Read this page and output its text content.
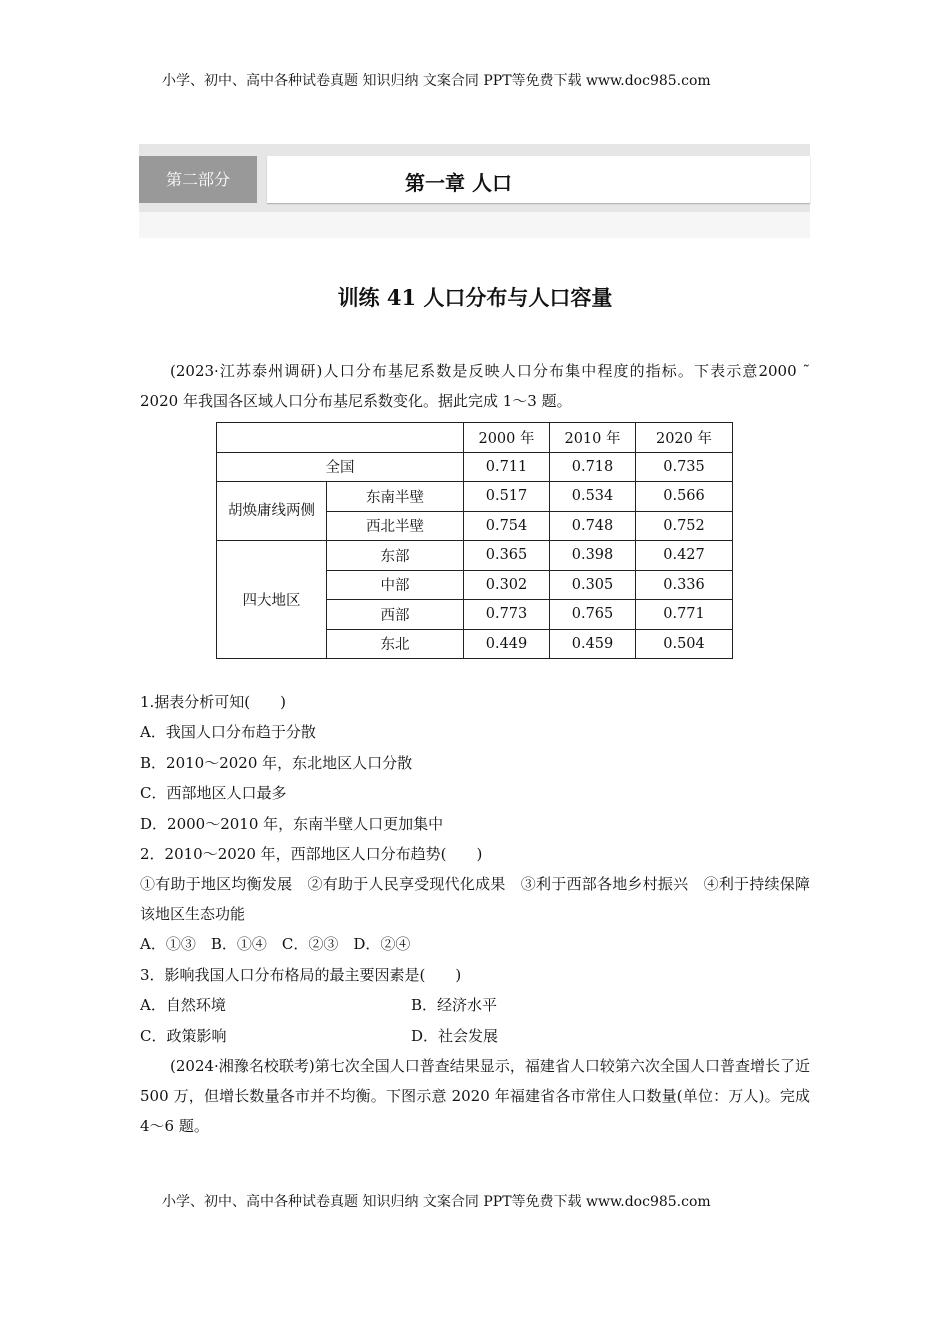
小学、初中、高中各种试卷真题 知识归纳 文案合同 PPT等免费下载 www.doc985.com
第二部分	第一章 人口
训练 41 人口分布与人口容量
(2023·江苏泰州调研)人口分布基尼系数是反映人口分布集中程度的指标。下表示意2000 ˜ 2020 年我国各区域人口分布基尼系数变化。据此完成 1～3 题。
		2000 年	2010 年	2020 年
全国		0.711	0.718	0.735
胡焕庸线两侧	东南半壁	0.517	0.534	0.566
	西北半壁	0.754	0.748	0.752
四大地区	东部	0.365	0.398	0.427
	中部	0.302	0.305	0.336
	西部	0.773	0.765	0.771
	东北	0.449	0.459	0.504
1.据表分析可知(　　)
A．我国人口分布趋于分散
B．2010～2020 年，东北地区人口分散
C．西部地区人口最多
D．2000～2010 年，东南半壁人口更加集中
2．2010～2020 年，西部地区人口分布趋势(　　)
①有助于地区均衡发展　②有助于人民享受现代化成果　③利于西部各地乡村振兴　④利于持续保障该地区生态功能
A．①③　B．①④　C．②③　D．②④
3．影响我国人口分布格局的最主要因素是(　　)
A．自然环境	B．经济水平
C．政策影响	D．社会发展
(2024·湘豫名校联考)第七次全国人口普查结果显示，福建省人口较第六次全国人口普查增长了近 500 万，但增长数量各市并不均衡。下图示意 2020 年福建省各市常住人口数量(单位：万人)。完成 4～6 题。
小学、初中、高中各种试卷真题 知识归纳 文案合同 PPT等免费下载 www.doc985.com
